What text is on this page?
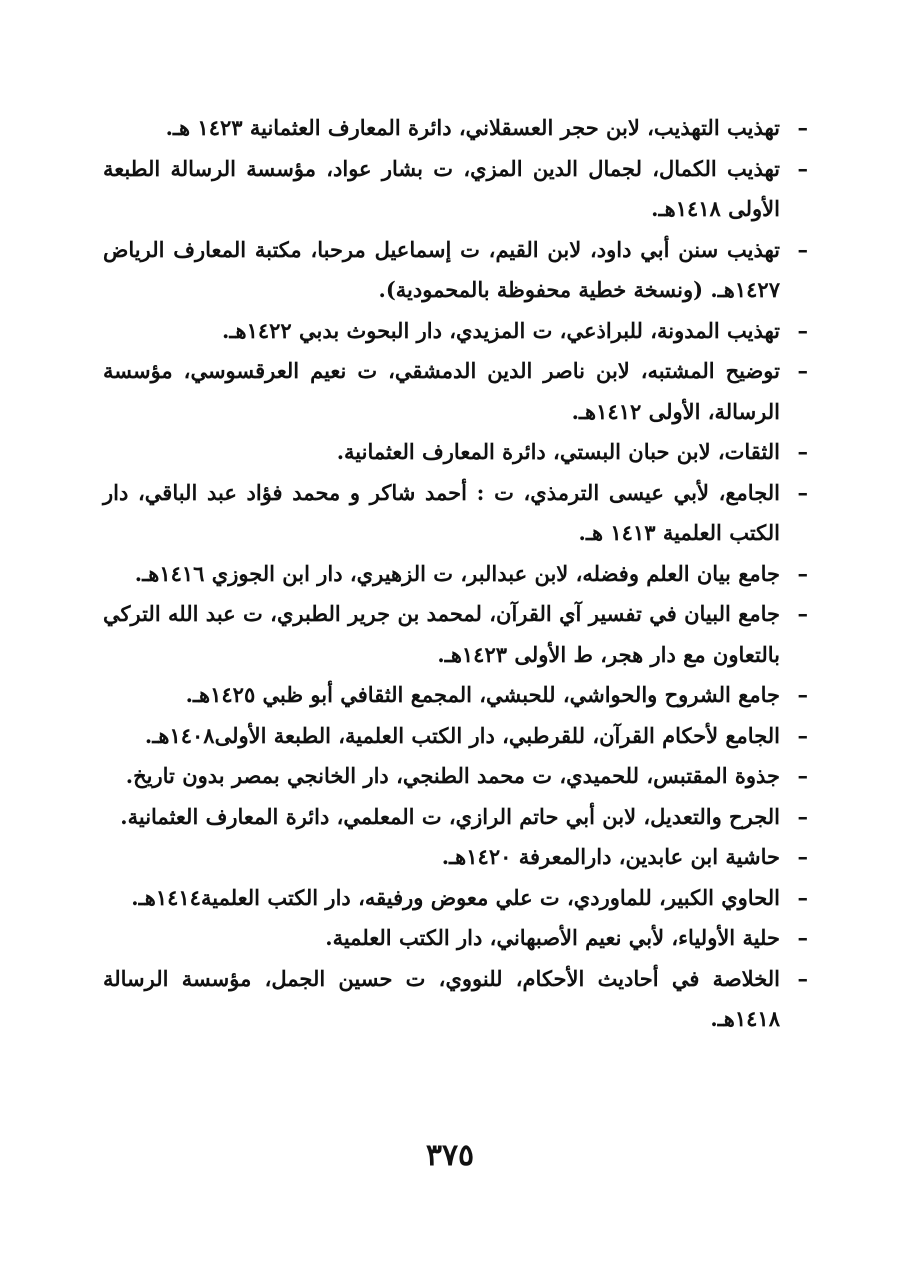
–
تهذيب التهذيب، لابن حجر العسقلاني، دائرة المعارف العثمانية ١٤٢٣ هـ.
–
تهذيب الكمال، لجمال الدين المزي، ت بشار عواد، مؤسسة الرسالة الطبعة الأولى ١٤١٨هـ.
–
تهذيب سنن أبي داود، لابن القيم، ت إسماعيل مرحبا، مكتبة المعارف الرياض ١٤٢٧هـ. (ونسخة خطية محفوظة بالمحمودية).
–
تهذيب المدونة، للبراذعي، ت المزيدي، دار البحوث بدبي ١٤٢٢هـ.
–
توضيح المشتبه، لابن ناصر الدين الدمشقي، ت نعيم العرقسوسي، مؤسسة الرسالة، الأولى ١٤١٢هـ.
–
الثقات، لابن حبان البستي، دائرة المعارف العثمانية.
–
الجامع، لأبي عيسى الترمذي، ت : أحمد شاكر و محمد فؤاد عبد الباقي، دار الكتب العلمية ١٤١٣ هـ.
–
جامع بيان العلم وفضله، لابن عبدالبر، ت الزهيري، دار ابن الجوزي ١٤١٦هـ.
–
جامع البيان في تفسير آي القرآن، لمحمد بن جرير الطبري، ت عبد الله التركي بالتعاون مع دار هجر، ط الأولى ١٤٢٣هـ.
–
جامع الشروح والحواشي، للحبشي، المجمع الثقافي أبو ظبي ١٤٢٥هـ.
–
الجامع لأحكام القرآن، للقرطبي، دار الكتب العلمية، الطبعة الأولى١٤٠٨هـ.
–
جذوة المقتبس، للحميدي، ت محمد الطنجي، دار الخانجي بمصر بدون تاريخ.
–
الجرح والتعديل، لابن أبي حاتم الرازي، ت المعلمي، دائرة المعارف العثمانية.
–
حاشية ابن عابدين، دارالمعرفة ١٤٢٠هـ.
–
الحاوي الكبير، للماوردي، ت علي معوض ورفيقه، دار الكتب العلمية١٤١٤هـ.
–
حلية الأولياء، لأبي نعيم الأصبهاني، دار الكتب العلمية.
–
الخلاصة في أحاديث الأحكام، للنووي، ت حسين الجمل، مؤسسة الرسالة ١٤١٨هـ.
٣٧٥
